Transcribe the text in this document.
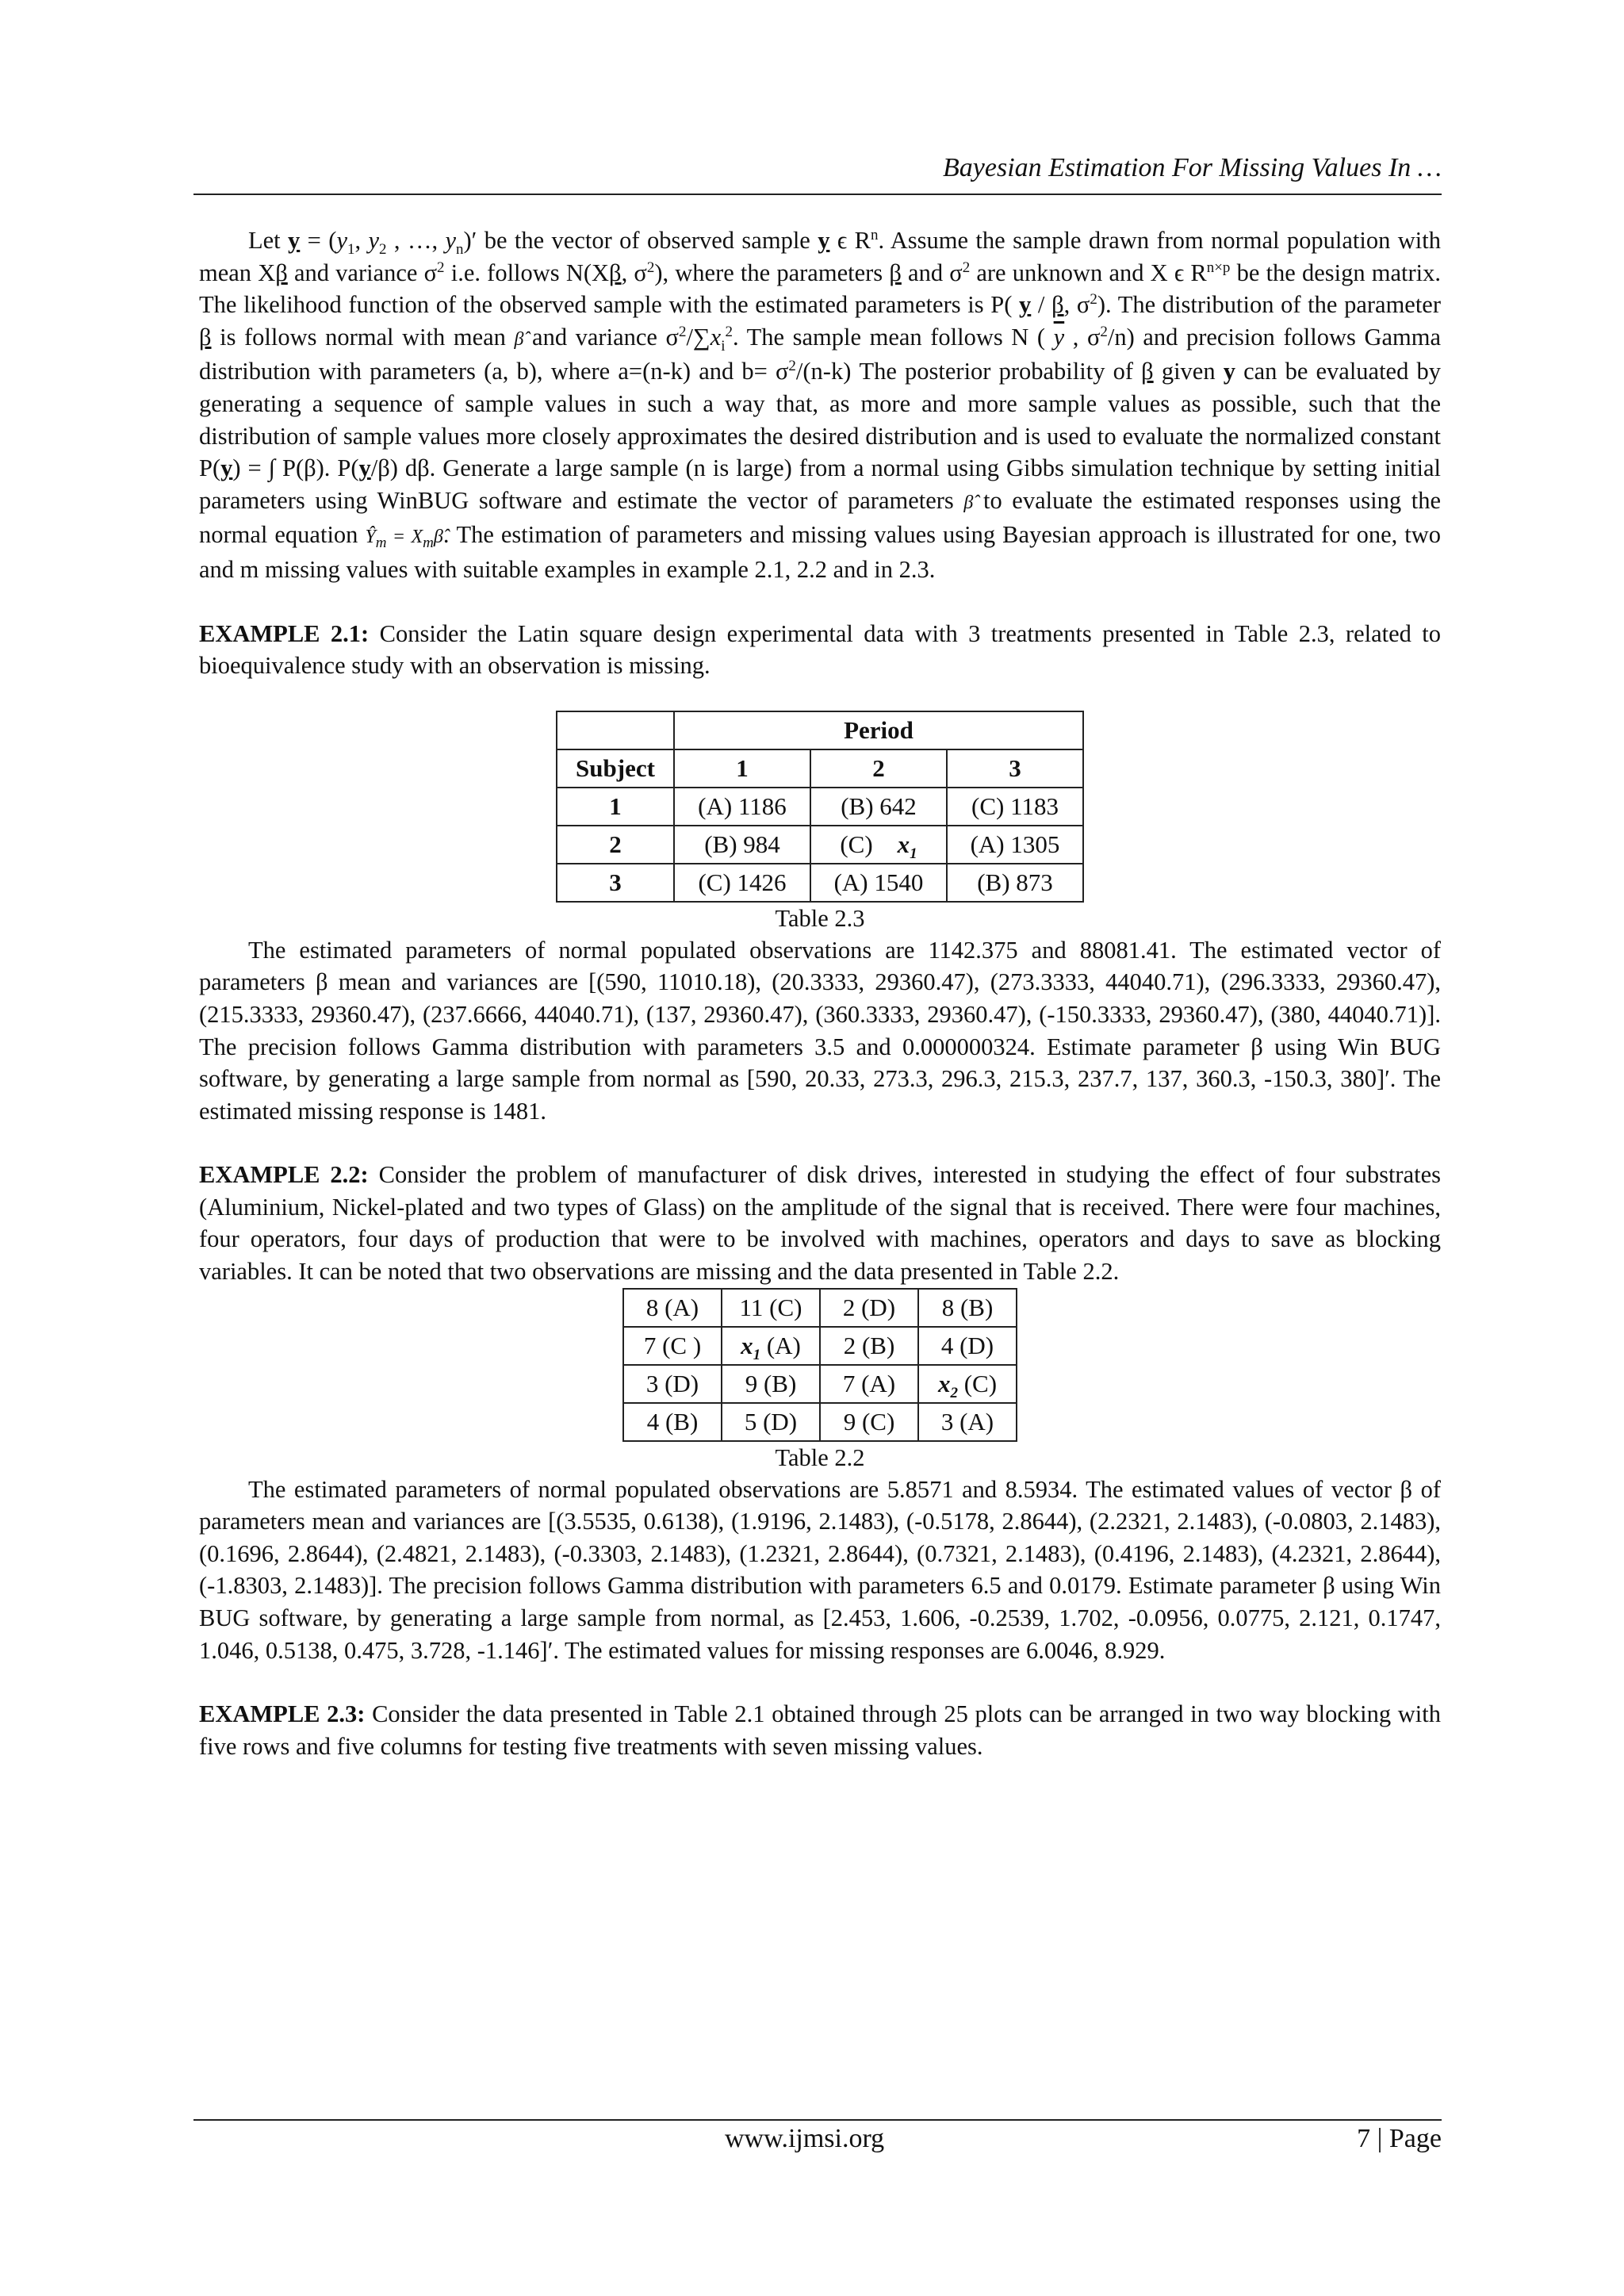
Bayesian Estimation For Missing Values In …

Let $y = (y_1$, $y_2$ , …, $y_n)'$ be the vector of observed sample y ϵ $R^n$. Assume the sample drawn from normal population with mean Xβ and variance $\sigma^2$ i.e. follows N(Xβ, $\sigma^2$), where the parameters β and $\sigma^2$ are unknown and X ϵ $R^{n\times p}$ be the design matrix. The likelihood function of the observed sample with the estimated parameters is P( y / β, $\sigma^2$). The distribution of the parameter β is follows normal with mean β̂ and variance $\sigma^2/\sum x_i^2$. The sample mean follows N ( $\overline{y}$ , $\sigma^2/n$) and precision follows Gamma distribution with parameters (a, b), where a=(n-k) and $b= \sigma^2/(n-k)$ The posterior probability of β given y can be evaluated by generating a sequence of sample values in such a way that, as more and more sample values as possible, such that the distribution of sample values more closely approximates the desired distribution and is used to evaluate the normalized constant P(y) = ∫ P(β). P(y/β) dβ. Generate a large sample (n is large) from a normal using Gibbs simulation technique by setting initial parameters using WinBUG software and estimate the vector of parameters β̂ to evaluate the estimated responses using the normal equation $Ŷ_m$ = $X_m\betâ$. The estimation of parameters and missing values using Bayesian approach is illustrated for one, two and m missing values with suitable examples in example 2.1, 2.2 and in 2.3.

EXAMPLE 2.1: Consider the Latin square design experimental data with 3 treatments presented in Table 2.3, related to bioequivalence study with an observation is missing.

	Period		
Subject	1	2	3
1	(A) 1186	(B) 642	(C) 1183
2	(B) 984	(C) $x_1$	(A) 1305
3	(C) 1426	(A) 1540	(B) 873
Table 2.3

The estimated parameters of normal populated observations are 1142.375 and 88081.41. The estimated vector of parameters β mean and variances are [(590, 11010.18), (20.3333, 29360.47), (273.3333, 44040.71), (296.3333, 29360.47), (215.3333, 29360.47), (237.6666, 44040.71), (137, 29360.47), (360.3333, 29360.47), (-150.3333, 29360.47), (380, 44040.71)]. The precision follows Gamma distribution with parameters 3.5 and 0.000000324. Estimate parameter β using Win BUG software, by generating a large sample from normal as [590, 20.33, 273.3, 296.3, 215.3, 237.7, 137, 360.3, -150.3, 380]′. The estimated missing response is 1481.

EXAMPLE 2.2: Consider the problem of manufacturer of disk drives, interested in studying the effect of four substrates (Aluminium, Nickel-plated and two types of Glass) on the amplitude of the signal that is received. There were four machines, four operators, four days of production that were to be involved with machines, operators and days to save as blocking variables. It can be noted that two observations are missing and the data presented in Table 2.2.

8 (A)	11 (C)	2 (D)	8 (B)
7 (C )	$x_1$ (A)	2 (B)	4 (D)
3 (D)	9 (B)	7 (A)	$x_2$ (C)
4 (B)	5 (D)	9 (C)	3 (A)
Table 2.2

The estimated parameters of normal populated observations are 5.8571 and 8.5934. The estimated values of vector β of parameters mean and variances are [(3.5535, 0.6138), (1.9196, 2.1483), (-0.5178, 2.8644), (2.2321, 2.1483), (-0.0803, 2.1483), (0.1696, 2.8644), (2.4821, 2.1483), (-0.3303, 2.1483), (1.2321, 2.8644), (0.7321, 2.1483), (0.4196, 2.1483), (4.2321, 2.8644), (-1.8303, 2.1483)]. The precision follows Gamma distribution with parameters 6.5 and 0.0179. Estimate parameter β using Win BUG software, by generating a large sample from normal, as [2.453, 1.606, -0.2539, 1.702, -0.0956, 0.0775, 2.121, 0.1747, 1.046, 0.5138, 0.475, 3.728, -1.146]′. The estimated values for missing responses are 6.0046, 8.929.

EXAMPLE 2.3: Consider the data presented in Table 2.1 obtained through 25 plots can be arranged in two way blocking with five rows and five columns for testing five treatments with seven missing values.

www.ijmsi.org	7 | Page
